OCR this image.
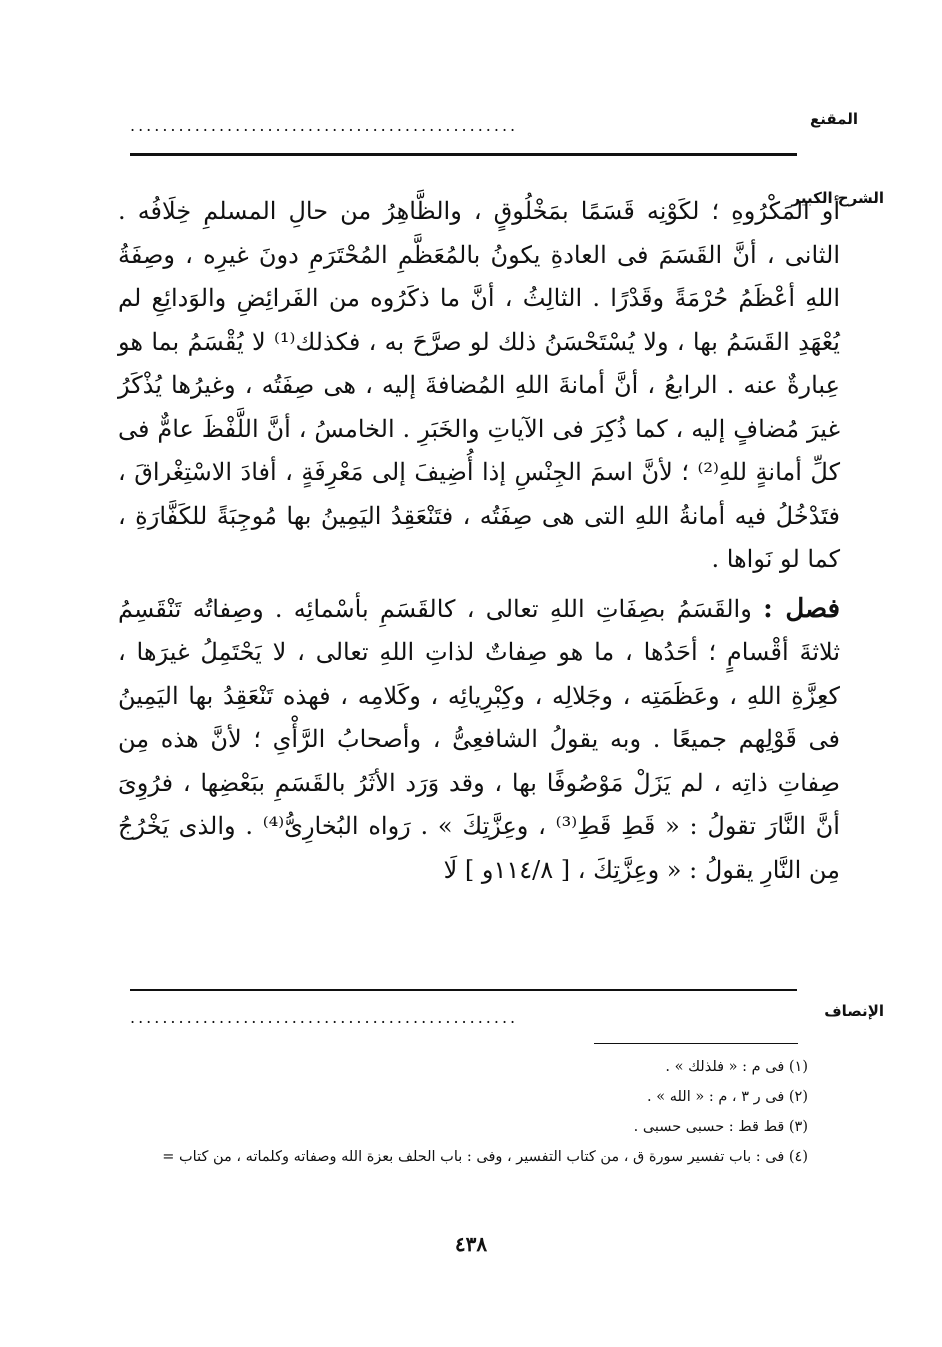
المقنع
................................................
الشرح الكبير

أو المَكْرُوهِ ؛ لكَوْنِه قَسَمًا بمَخْلُوقٍ ، والظَّاهِرُ من حالِ المسلمِ خِلَافُه . الثانى ، أنَّ القَسَمَ فى العادةِ يكونُ بالمُعَظَّمِ المُحْتَرَمِ دونَ غيرِه ، وصِفَةُ اللهِ أعْظَمُ حُرْمَةً وقَدْرًا . الثالِثُ ، أنَّ ما ذكَرُوه من الفَرائِضِ والوَدائِعِ لم يُعْهَدِ القَسَمُ بها ، ولا يُسْتَحْسَنُ ذلك لو صرَّحَ به ، فكذلك⁽¹⁾ لا يُقْسَمُ بما هو عِبارةٌ عنه . الرابعُ ، أنَّ أمانةَ اللهِ المُضافةَ إليه ، هى صِفَتُه ، وغيرُها يُذْكَرُ غيرَ مُضافٍ إليه ، كما ذُكِرَ فى الآياتِ والخَبَرِ . الخامسُ ، أنَّ اللَّفْظَ عامٌّ فى كلِّ أمانةٍ للهِ⁽²⁾ ؛ لأنَّ اسمَ الجِنْسِ إذا أُضِيفَ إلى مَعْرِفَةٍ ، أفادَ الاسْتِغْراقَ ، فتَدْخُلُ فيه أمانةُ اللهِ التى هى صِفَتُه ، فتَنْعَقِدُ اليَمِينُ بها مُوجِبَةً للكَفَّارَةِ ، كما لو نَواها .

فصل : والقَسَمُ بصِفَاتِ اللهِ تعالى ، كالقَسَمِ بأسْمائِه . وصِفاتُه تَنْقَسِمُ ثلاثةَ أقْسامٍ ؛ أحَدُها ، ما هو صِفاتٌ لذاتِ اللهِ تعالى ، لا يَحْتَمِلُ غيرَها ، كعِزَّةِ اللهِ ، وعَظَمَتِه ، وجَلالِه ، وكِبْرِيائِه ، وكَلامِه ، فهذه تَنْعَقِدُ بها اليَمِينُ فى قَوْلِهم جميعًا . وبه يقولُ الشافعِىُّ ، وأصحابُ الرَّأْىِ ؛ لأنَّ هذه مِن صِفاتِ ذاتِه ، لم يَزَلْ مَوْصُوفًا بها ، وقد وَرَد الأثَرُ بالقَسَمِ ببَعْضِها ، فرُوِىَ أنَّ النَّارَ تقولُ : « قَطِ قَطِ⁽³⁾ ، وعِزَّتِكَ » . رَواه البُخارِىُّ⁽⁴⁾ . والذى يَخْرُجُ مِن النَّارِ يقولُ : « وعِزَّتِكَ ، [ ١١٤/٨و ] لَا

الإنصاف
................................................
(١) فى م : « فلذلك » .
(٢) فى ر ٣ ، م : « الله » .
(٣) قط قط : حسبى حسبى .
(٤) فى : باب تفسير سورة ق ، من كتاب التفسير ، وفى : باب الحلف بعزة الله وصفاته وكلماته ، من كتاب =
٤٣٨
